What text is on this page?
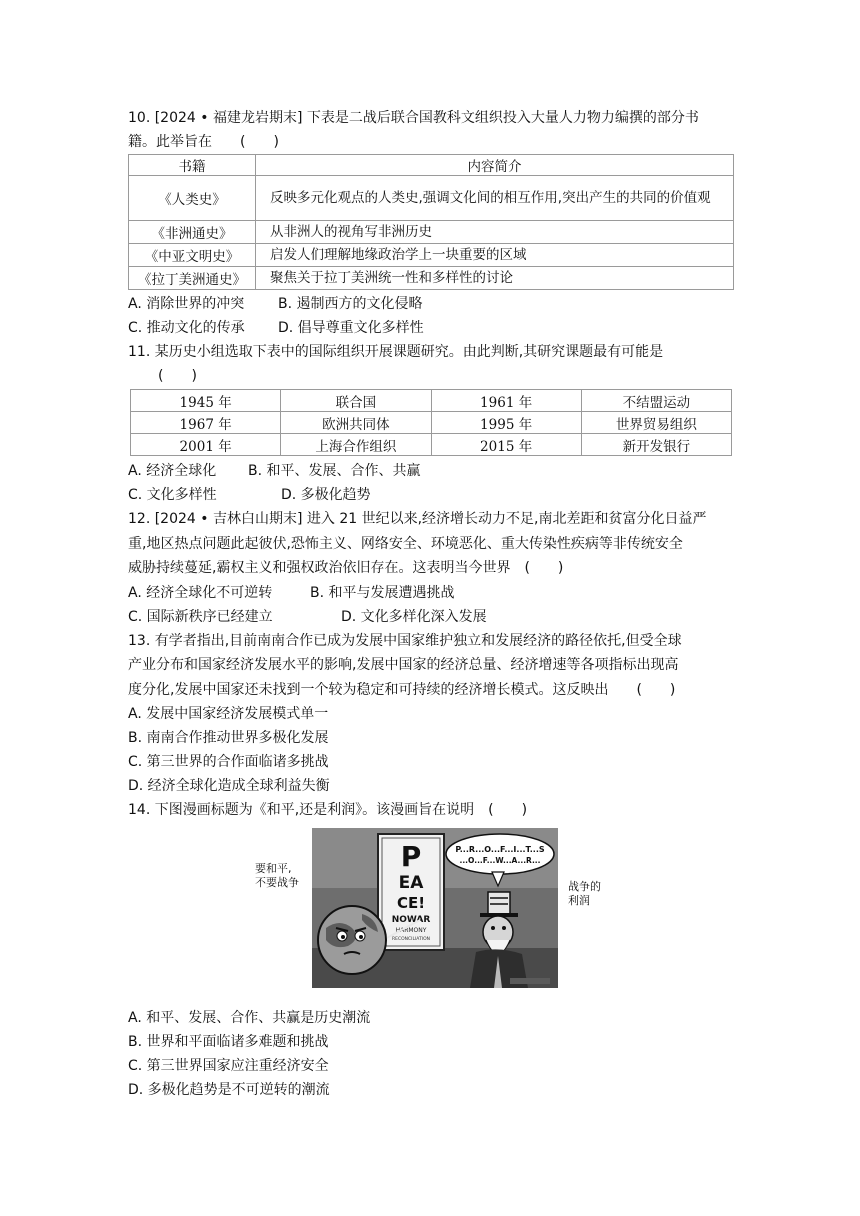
10. [2024 • 福建龙岩期末] 下表是二战后联合国教科文组织投入大量人力物力编撰的部分书
籍。此举旨在　　(　　)
书籍	内容简介
《人类史》	反映多元化观点的人类史,强调文化间的相互作用,突出产生的共同的价值观
《非洲通史》	从非洲人的视角写非洲历史
《中亚文明史》	启发人们理解地缘政治学上一块重要的区域
《拉丁美洲通史》	聚焦关于拉丁美洲统一性和多样性的讨论
A. 消除世界的冲突	B. 遏制西方的文化侵略
C. 推动文化的传承	D. 倡导尊重文化多样性
11. 某历史小组选取下表中的国际组织开展课题研究。由此判断,其研究课题最有可能是
(　　)
1945 年	联合国	1961 年	不结盟运动
1967 年	欧洲共同体	1995 年	世界贸易组织
2001 年	上海合作组织	2015 年	新开发银行
A. 经济全球化	B. 和平、发展、合作、共赢
C. 文化多样性	D. 多极化趋势
12. [2024 • 吉林白山期末] 进入 21 世纪以来,经济增长动力不足,南北差距和贫富分化日益严
重,地区热点问题此起彼伏,恐怖主义、网络安全、环境恶化、重大传染性疾病等非传统安全
威胁持续蔓延,霸权主义和强权政治依旧存在。这表明当今世界　(　　)
A. 经济全球化不可逆转	B. 和平与发展遭遇挑战
C. 国际新秩序已经建立	D. 文化多样化深入发展
13. 有学者指出,目前南南合作已成为发展中国家维护独立和发展经济的路径依托,但受全球
产业分布和国家经济发展水平的影响,发展中国家的经济总量、经济增速等各项指标出现高
度分化,发展中国家还未找到一个较为稳定和可持续的经济增长模式。这反映出　　(　　)
A. 发展中国家经济发展模式单一
B. 南南合作推动世界多极化发展
C. 第三世界的合作面临诸多挑战
D. 经济全球化造成全球利益失衡
14. 下图漫画标题为《和平,还是利润》。该漫画旨在说明　(　　)
要和平,
不要战争	战争的
利润
P
EA
CE!
NOWAR
HARMONY
RECONCILIATION
P...R...O...F...I...T...S
...O...F...W...A...R...
A. 和平、发展、合作、共赢是历史潮流
B. 世界和平面临诸多难题和挑战
C. 第三世界国家应注重经济安全
D. 多极化趋势是不可逆转的潮流
